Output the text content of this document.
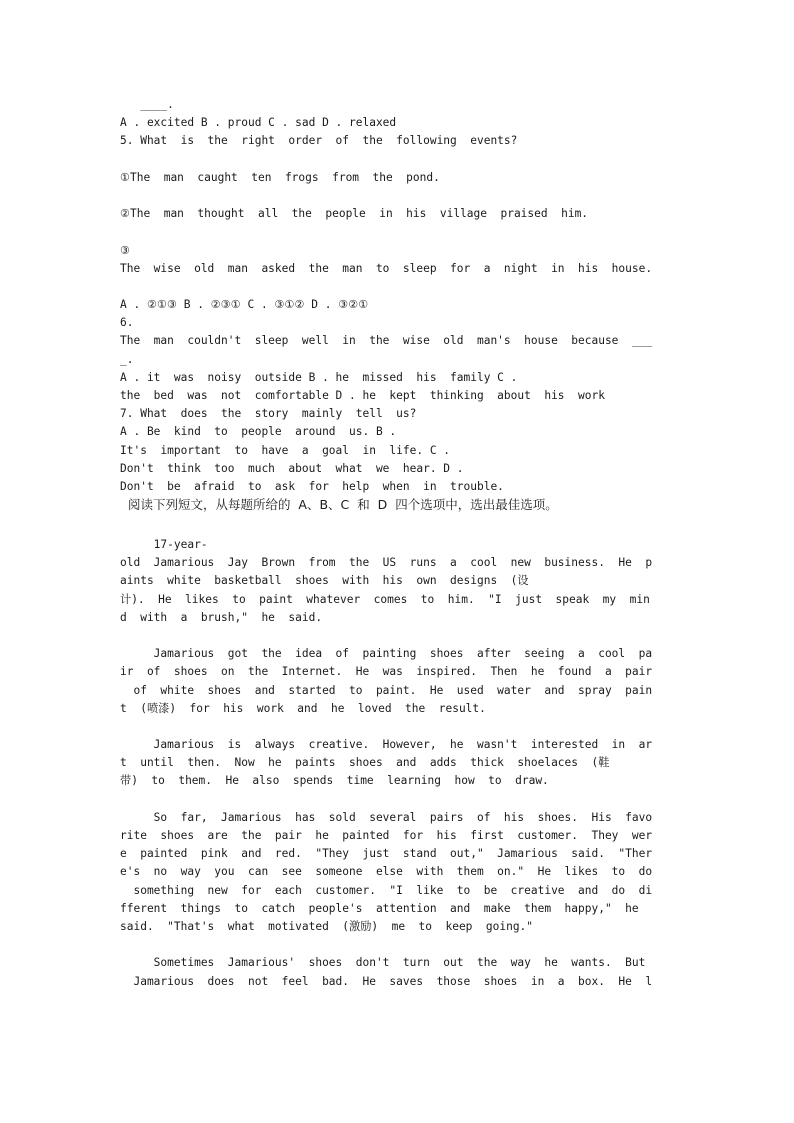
____.
A . excited B . proud C . sad D . relaxed
5. What  is  the  right  order  of  the  following  events?
①The  man  caught  ten  frogs  from  the  pond.
②The  man  thought  all  the  people  in  his  village  praised  him.
③
The  wise  old  man  asked  the  man  to  sleep  for  a  night  in  his  house.
A . ②①③ B . ②③① C . ③①② D . ③②①
6.
The  man  couldn't  sleep  well  in  the  wise  old  man's  house  because  ___
_.
A . it  was  noisy  outside B . he  missed  his  family C .
the  bed  was  not  comfortable D . he  kept  thinking  about  his  work
7. What  does  the  story  mainly  tell  us?
A . Be  kind  to  people  around  us. B .
It's  important  to  have  a  goal  in  life. C .
Don't  think  too  much  about  what  we  hear. D .
Don't  be  afraid  to  ask  for  help  when  in  trouble.
阅读下列短文，从每题所给的  A、B、C  和  D  四个选项中，选出最佳选项。
17-year-
old  Jamarious  Jay  Brown  from  the  US  runs  a  cool  new  business.  He  p
aints  white  basketball  shoes  with  his  own  designs  (设
计).  He  likes  to  paint  whatever  comes  to  him.  "I  just  speak  my  min
d  with  a  brush,"  he  said.
Jamarious  got  the  idea  of  painting  shoes  after  seeing  a  cool  pa
ir  of  shoes  on  the  Internet.  He  was  inspired.  Then  he  found  a  pair
of  white  shoes  and  started  to  paint.  He  used  water  and  spray  pain
t  (喷漆)  for  his  work  and  he  loved  the  result.
Jamarious  is  always  creative.  However,  he  wasn't  interested  in  ar
t  until  then.  Now  he  paints  shoes  and  adds  thick  shoelaces  (鞋
带)  to  them.  He  also  spends  time  learning  how  to  draw.
So  far,  Jamarious  has  sold  several  pairs  of  his  shoes.  His  favo
rite  shoes  are  the  pair  he  painted  for  his  first  customer.  They  wer
e  painted  pink  and  red.  "They  just  stand  out,"  Jamarious  said.  "Ther
e's  no  way  you  can  see  someone  else  with  them  on."  He  likes  to  do
something  new  for  each  customer.  "I  like  to  be  creative  and  do  di
fferent  things  to  catch  people's  attention  and  make  them  happy,"  he
said.  "That's  what  motivated  (激励)  me  to  keep  going."
Sometimes  Jamarious'  shoes  don't  turn  out  the  way  he  wants.  But
Jamarious  does  not  feel  bad.  He  saves  those  shoes  in  a  box.  He  l
